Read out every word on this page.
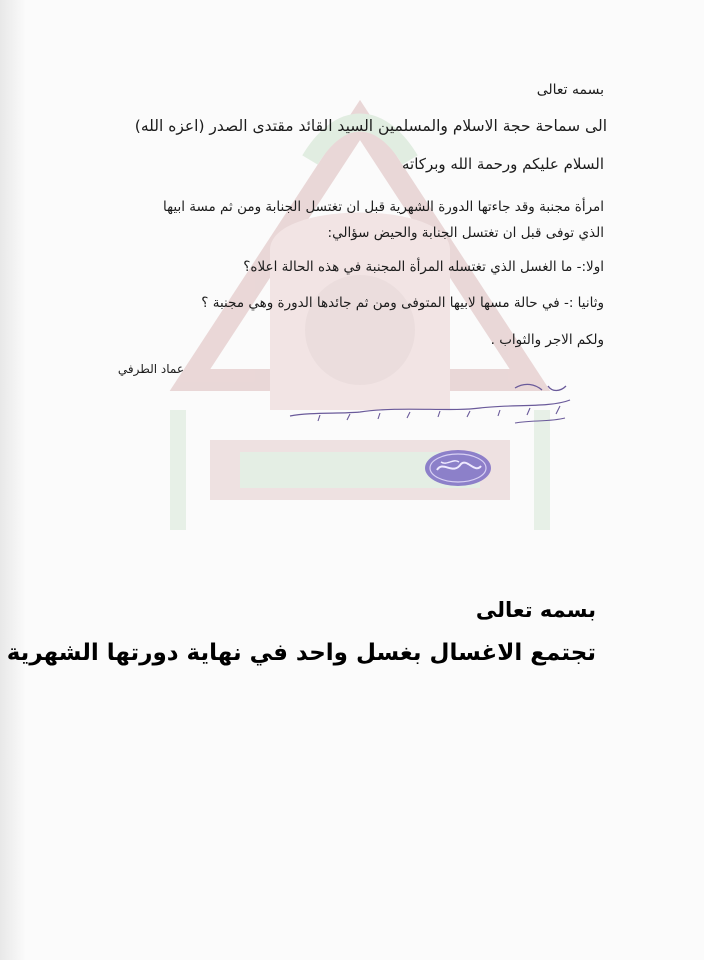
بسمه تعالى
الى سماحة حجة الاسلام والمسلمين السيد القائد مقتدى الصدر (اعزه الله)
السلام عليكم ورحمة الله وبركاته
امرأة مجنبة وقد جاءتها الدورة الشهرية قبل ان تغتسل الجنابة ومن ثم مسة ابيها
الذي توفى قبل ان تغتسل الجنابة والحيض سؤالي:
اولا:- ما الغسل الذي تغتسله المرأة المجنبة في هذه الحالة اعلاه؟
وثانيا :- في حالة مسها لابيها المتوفى ومن ثم جائدها الدورة وهي مجنبة ؟
ولكم الاجر والثواب .
عماد الطرفي
بسمه تعالى
تجتمع الاغسال بغسل واحد في نهاية دورتها الشهرية
